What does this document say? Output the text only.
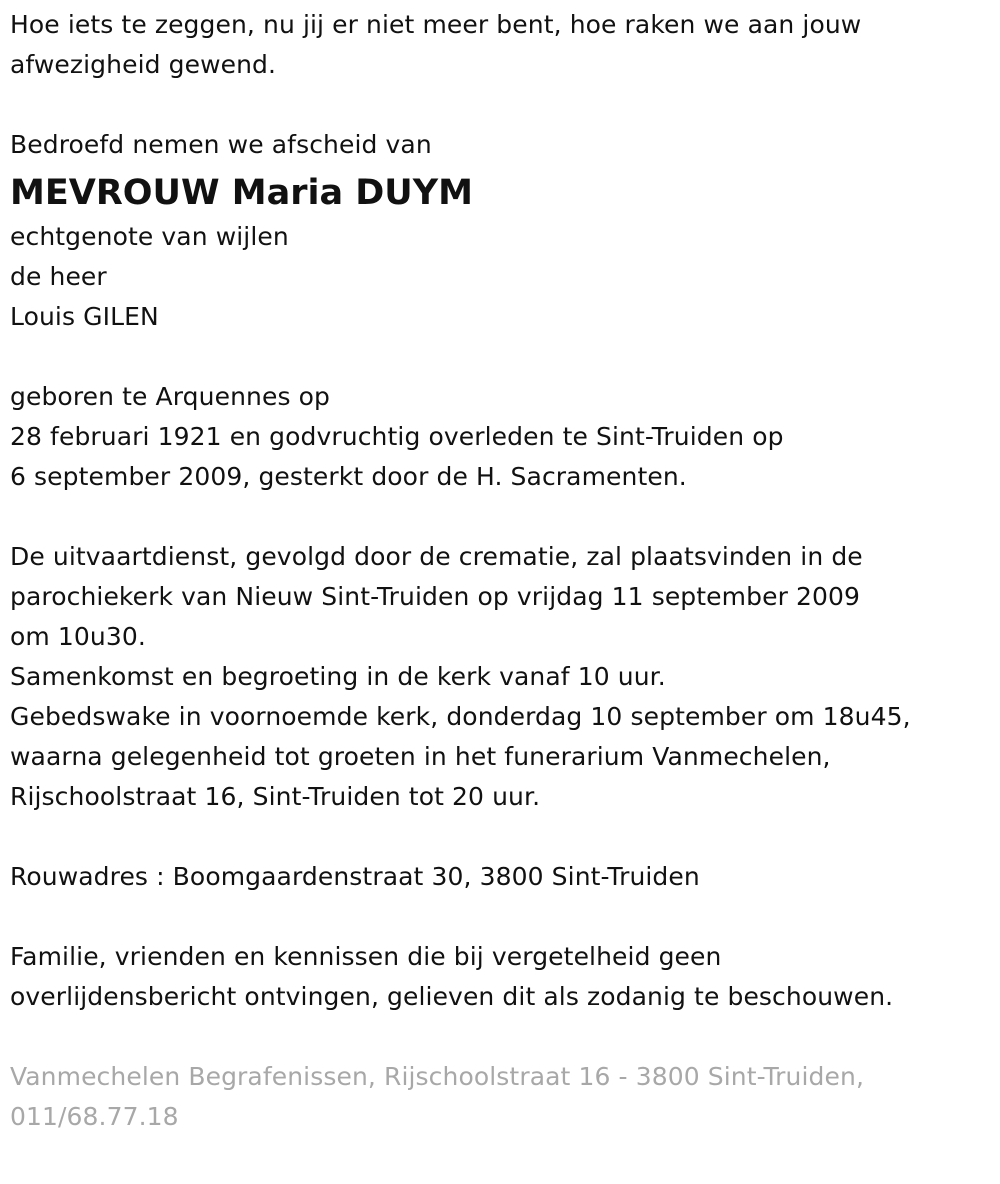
Hoe iets te zeggen, nu jij er niet meer bent, hoe raken we aan jouw
afwezigheid gewend.
Bedroefd nemen we afscheid van
MEVROUW Maria DUYM
echtgenote van wijlen
de heer
Louis GILEN
geboren te Arquennes op
28 februari 1921 en godvruchtig overleden te Sint-Truiden op
6 september 2009, gesterkt door de H. Sacramenten.
De uitvaartdienst, gevolgd door de crematie, zal plaatsvinden in de
parochiekerk van Nieuw Sint-Truiden op vrijdag 11 september 2009
om 10u30.
Samenkomst en begroeting in de kerk vanaf 10 uur.
Gebedswake in voornoemde kerk, donderdag 10 september om 18u45,
waarna gelegenheid tot groeten in het funerarium Vanmechelen,
Rijschoolstraat 16, Sint-Truiden tot 20 uur.
Rouwadres : Boomgaardenstraat 30, 3800 Sint-Truiden
Familie, vrienden en kennissen die bij vergetelheid geen
overlijdensbericht ontvingen, gelieven dit als zodanig te beschouwen.
Vanmechelen Begrafenissen, Rijschoolstraat 16 - 3800 Sint-Truiden,
011/68.77.18
